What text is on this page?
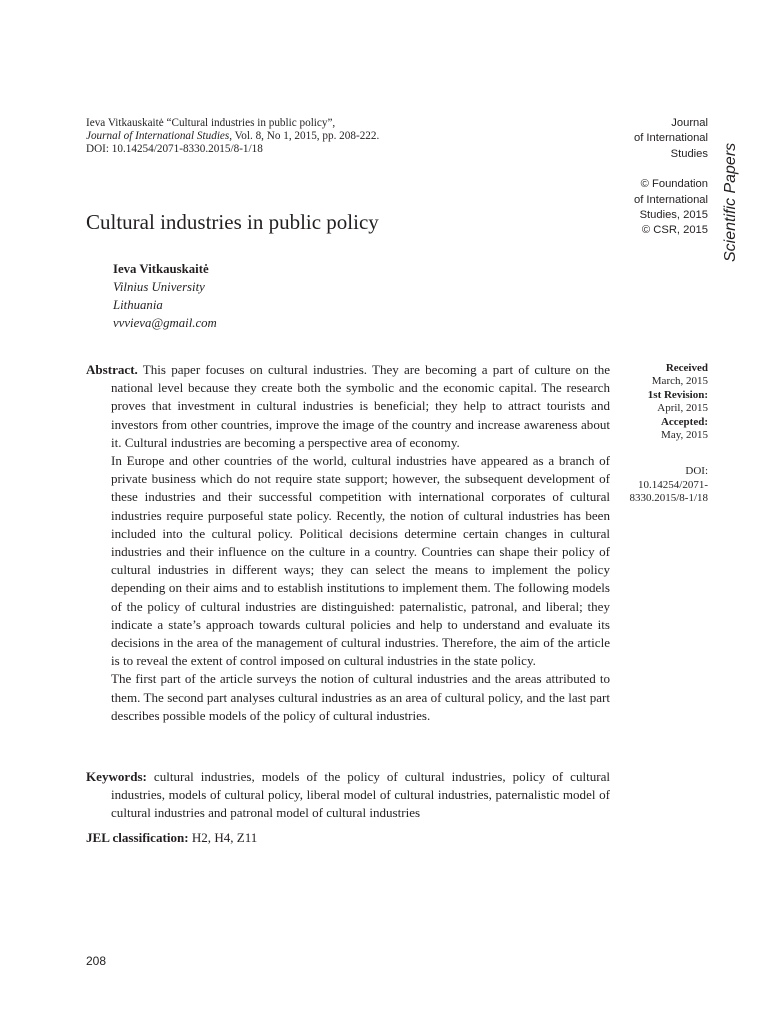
Ieva Vitkauskaitė “Cultural industries in public policy”,
Journal of International Studies, Vol. 8, No 1, 2015, pp. 208-222.
DOI: 10.14254/2071-8330.2015/8-1/18
Journal
of International
Studies
© Foundation
of International
Studies, 2015
© CSR, 2015 Scientific Papers
Cultural industries in public policy
Ieva Vitkauskaitė
Vilnius University
Lithuania
vvvieva@gmail.com
Received
March, 2015
1st Revision:
April, 2015
Accepted:
May, 2015
DOI:
10.14254/2071-
8330.2015/8-1/18

Abstract. This paper focuses on cultural industries. They are becoming a part of culture on the national level because they create both the symbolic and the economic capital. The research proves that investment in cultural industries is beneficial; they help to attract tourists and investors from other countries, improve the image of the country and increase awareness about it. Cultural industries are becoming a perspective area of economy.

In Europe and other countries of the world, cultural industries have appeared as a branch of private business which do not require state support; however, the subsequent development of these industries and their successful competition with international corporates of cultural industries require purposeful state policy. Recently, the notion of cultural industries has been included into the cultural policy. Political decisions determine certain changes in cultural industries and their influence on the culture in a country. Countries can shape their policy of cultural industries in different ways; they can select the means to implement the policy depending on their aims and to establish institutions to implement them. The following models of the policy of cultural industries are distinguished: paternalistic, patronal, and liberal; they indicate a state’s approach towards cultural policies and help to understand and evaluate its decisions in the area of the management of cultural industries. Therefore, the aim of the article is to reveal the extent of control imposed on cultural industries in the state policy.

The first part of the article surveys the notion of cultural industries and the areas attributed to them. The second part analyses cultural industries as an area of cultural policy, and the last part describes possible models of the policy of cultural industries.

Keywords: cultural industries, models of the policy of cultural industries, policy of cultural industries, models of cultural policy, liberal model of cultural industries, paternalistic model of cultural industries and patronal model of cultural industries
JEL classification: H2, H4, Z11
208
